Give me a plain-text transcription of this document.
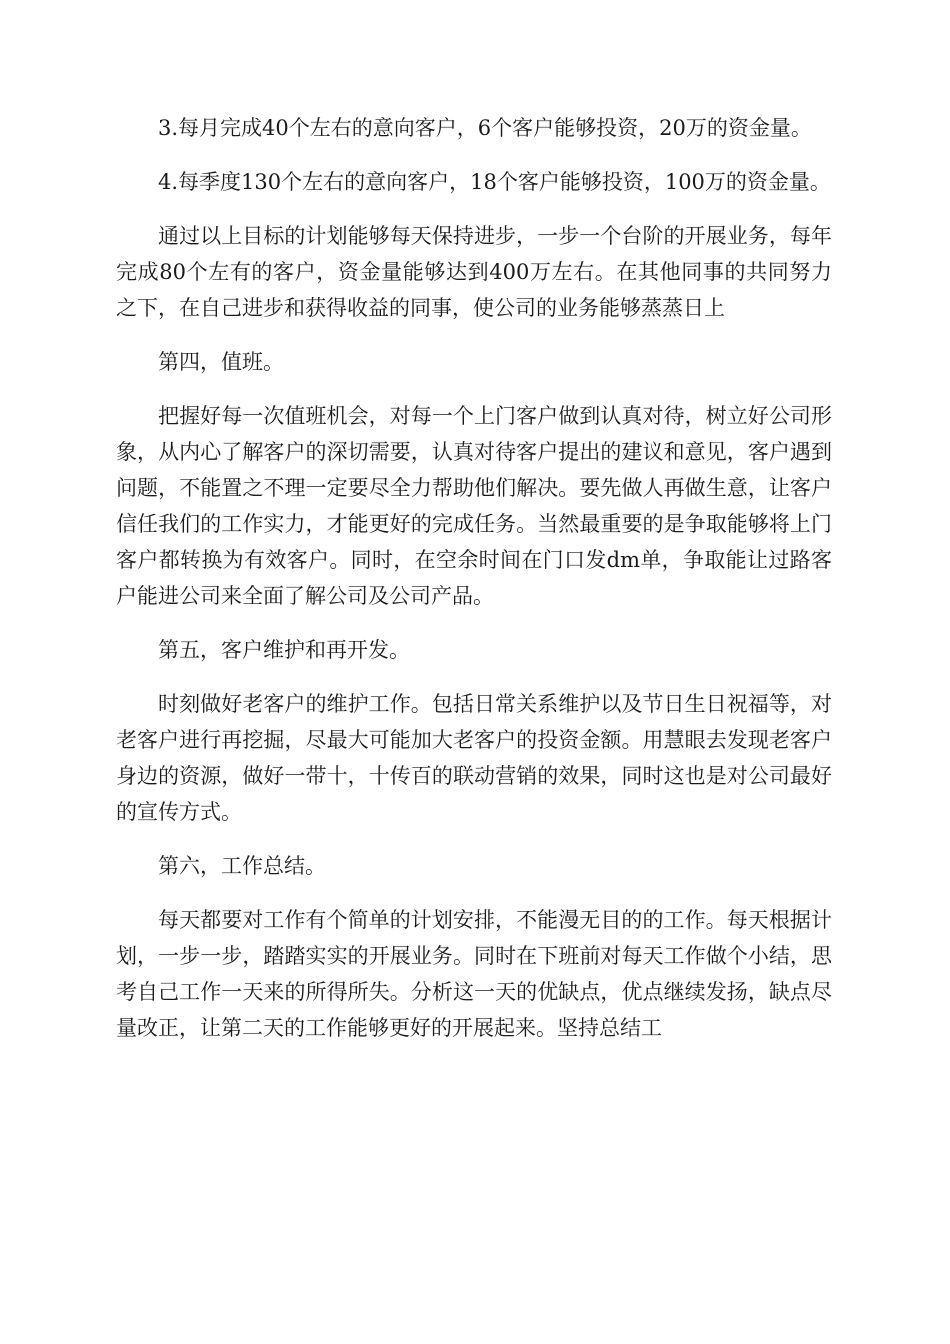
3.每月完成40个左右的意向客户，6个客户能够投资，20万的资金量。

4.每季度130个左右的意向客户，18个客户能够投资，100万的资金量。

通过以上目标的计划能够每天保持进步，一步一个台阶的开展业务，每年完成80个左有的客户，资金量能够达到400万左右。在其他同事的共同努力之下，在自己进步和获得收益的同事，使公司的业务能够蒸蒸日上

第四，值班。

把握好每一次值班机会，对每一个上门客户做到认真对待，树立好公司形象，从内心了解客户的深切需要，认真对待客户提出的建议和意见，客户遇到问题，不能置之不理一定要尽全力帮助他们解决。要先做人再做生意，让客户信任我们的工作实力，才能更好的完成任务。当然最重要的是争取能够将上门客户都转换为有效客户。同时，在空余时间在门口发dm单，争取能让过路客户能进公司来全面了解公司及公司产品。

第五，客户维护和再开发。

时刻做好老客户的维护工作。包括日常关系维护以及节日生日祝福等，对老客户进行再挖掘，尽最大可能加大老客户的投资金额。用慧眼去发现老客户身边的资源，做好一带十，十传百的联动营销的效果，同时这也是对公司最好的宣传方式。

第六，工作总结。

每天都要对工作有个简单的计划安排，不能漫无目的的工作。每天根据计划，一步一步，踏踏实实的开展业务。同时在下班前对每天工作做个小结，思考自己工作一天来的所得所失。分析这一天的优缺点，优点继续发扬，缺点尽量改正，让第二天的工作能够更好的开展起来。坚持总结工
